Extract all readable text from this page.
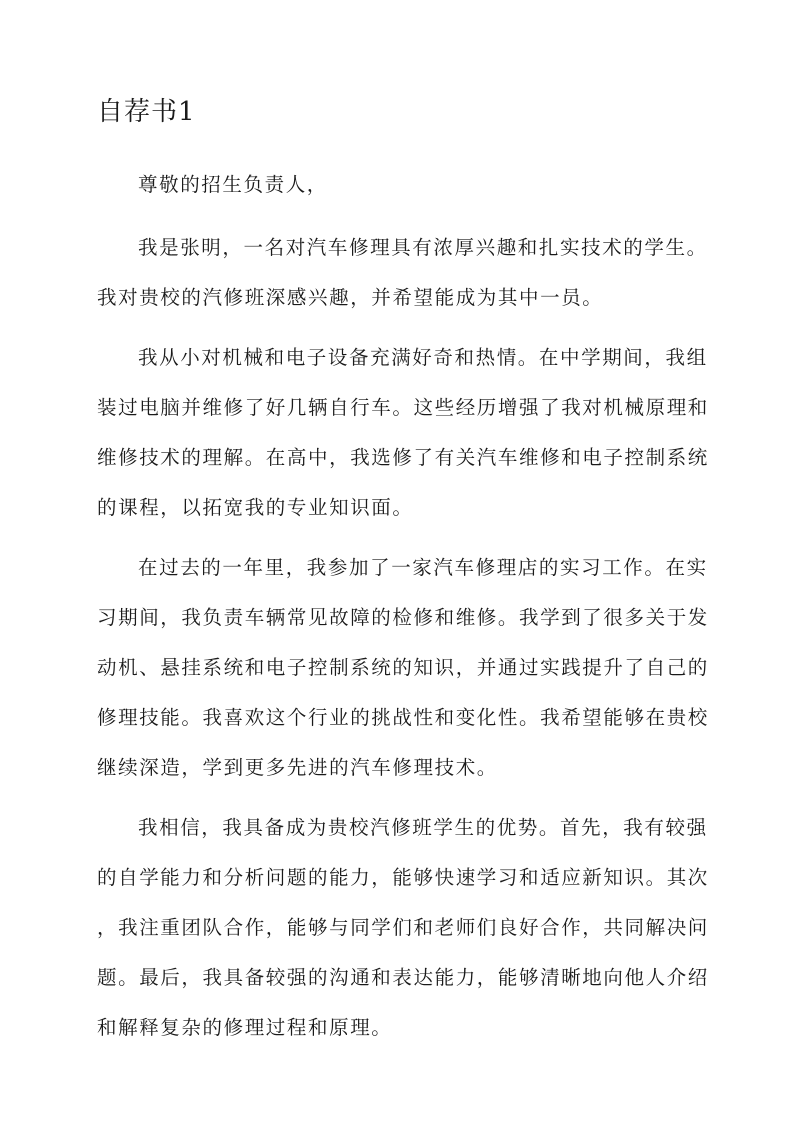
自荐书1
尊敬的招生负责人，
我是张明，一名对汽车修理具有浓厚兴趣和扎实技术的学生。
我对贵校的汽修班深感兴趣，并希望能成为其中一员。
我从小对机械和电子设备充满好奇和热情。在中学期间，我组
装过电脑并维修了好几辆自行车。这些经历增强了我对机械原理和
维修技术的理解。在高中，我选修了有关汽车维修和电子控制系统
的课程，以拓宽我的专业知识面。
在过去的一年里，我参加了一家汽车修理店的实习工作。在实
习期间，我负责车辆常见故障的检修和维修。我学到了很多关于发
动机、悬挂系统和电子控制系统的知识，并通过实践提升了自己的
修理技能。我喜欢这个行业的挑战性和变化性。我希望能够在贵校
继续深造，学到更多先进的汽车修理技术。
我相信，我具备成为贵校汽修班学生的优势。首先，我有较强
的自学能力和分析问题的能力，能够快速学习和适应新知识。其次
，我注重团队合作，能够与同学们和老师们良好合作，共同解决问
题。最后，我具备较强的沟通和表达能力，能够清晰地向他人介绍
和解释复杂的修理过程和原理。
